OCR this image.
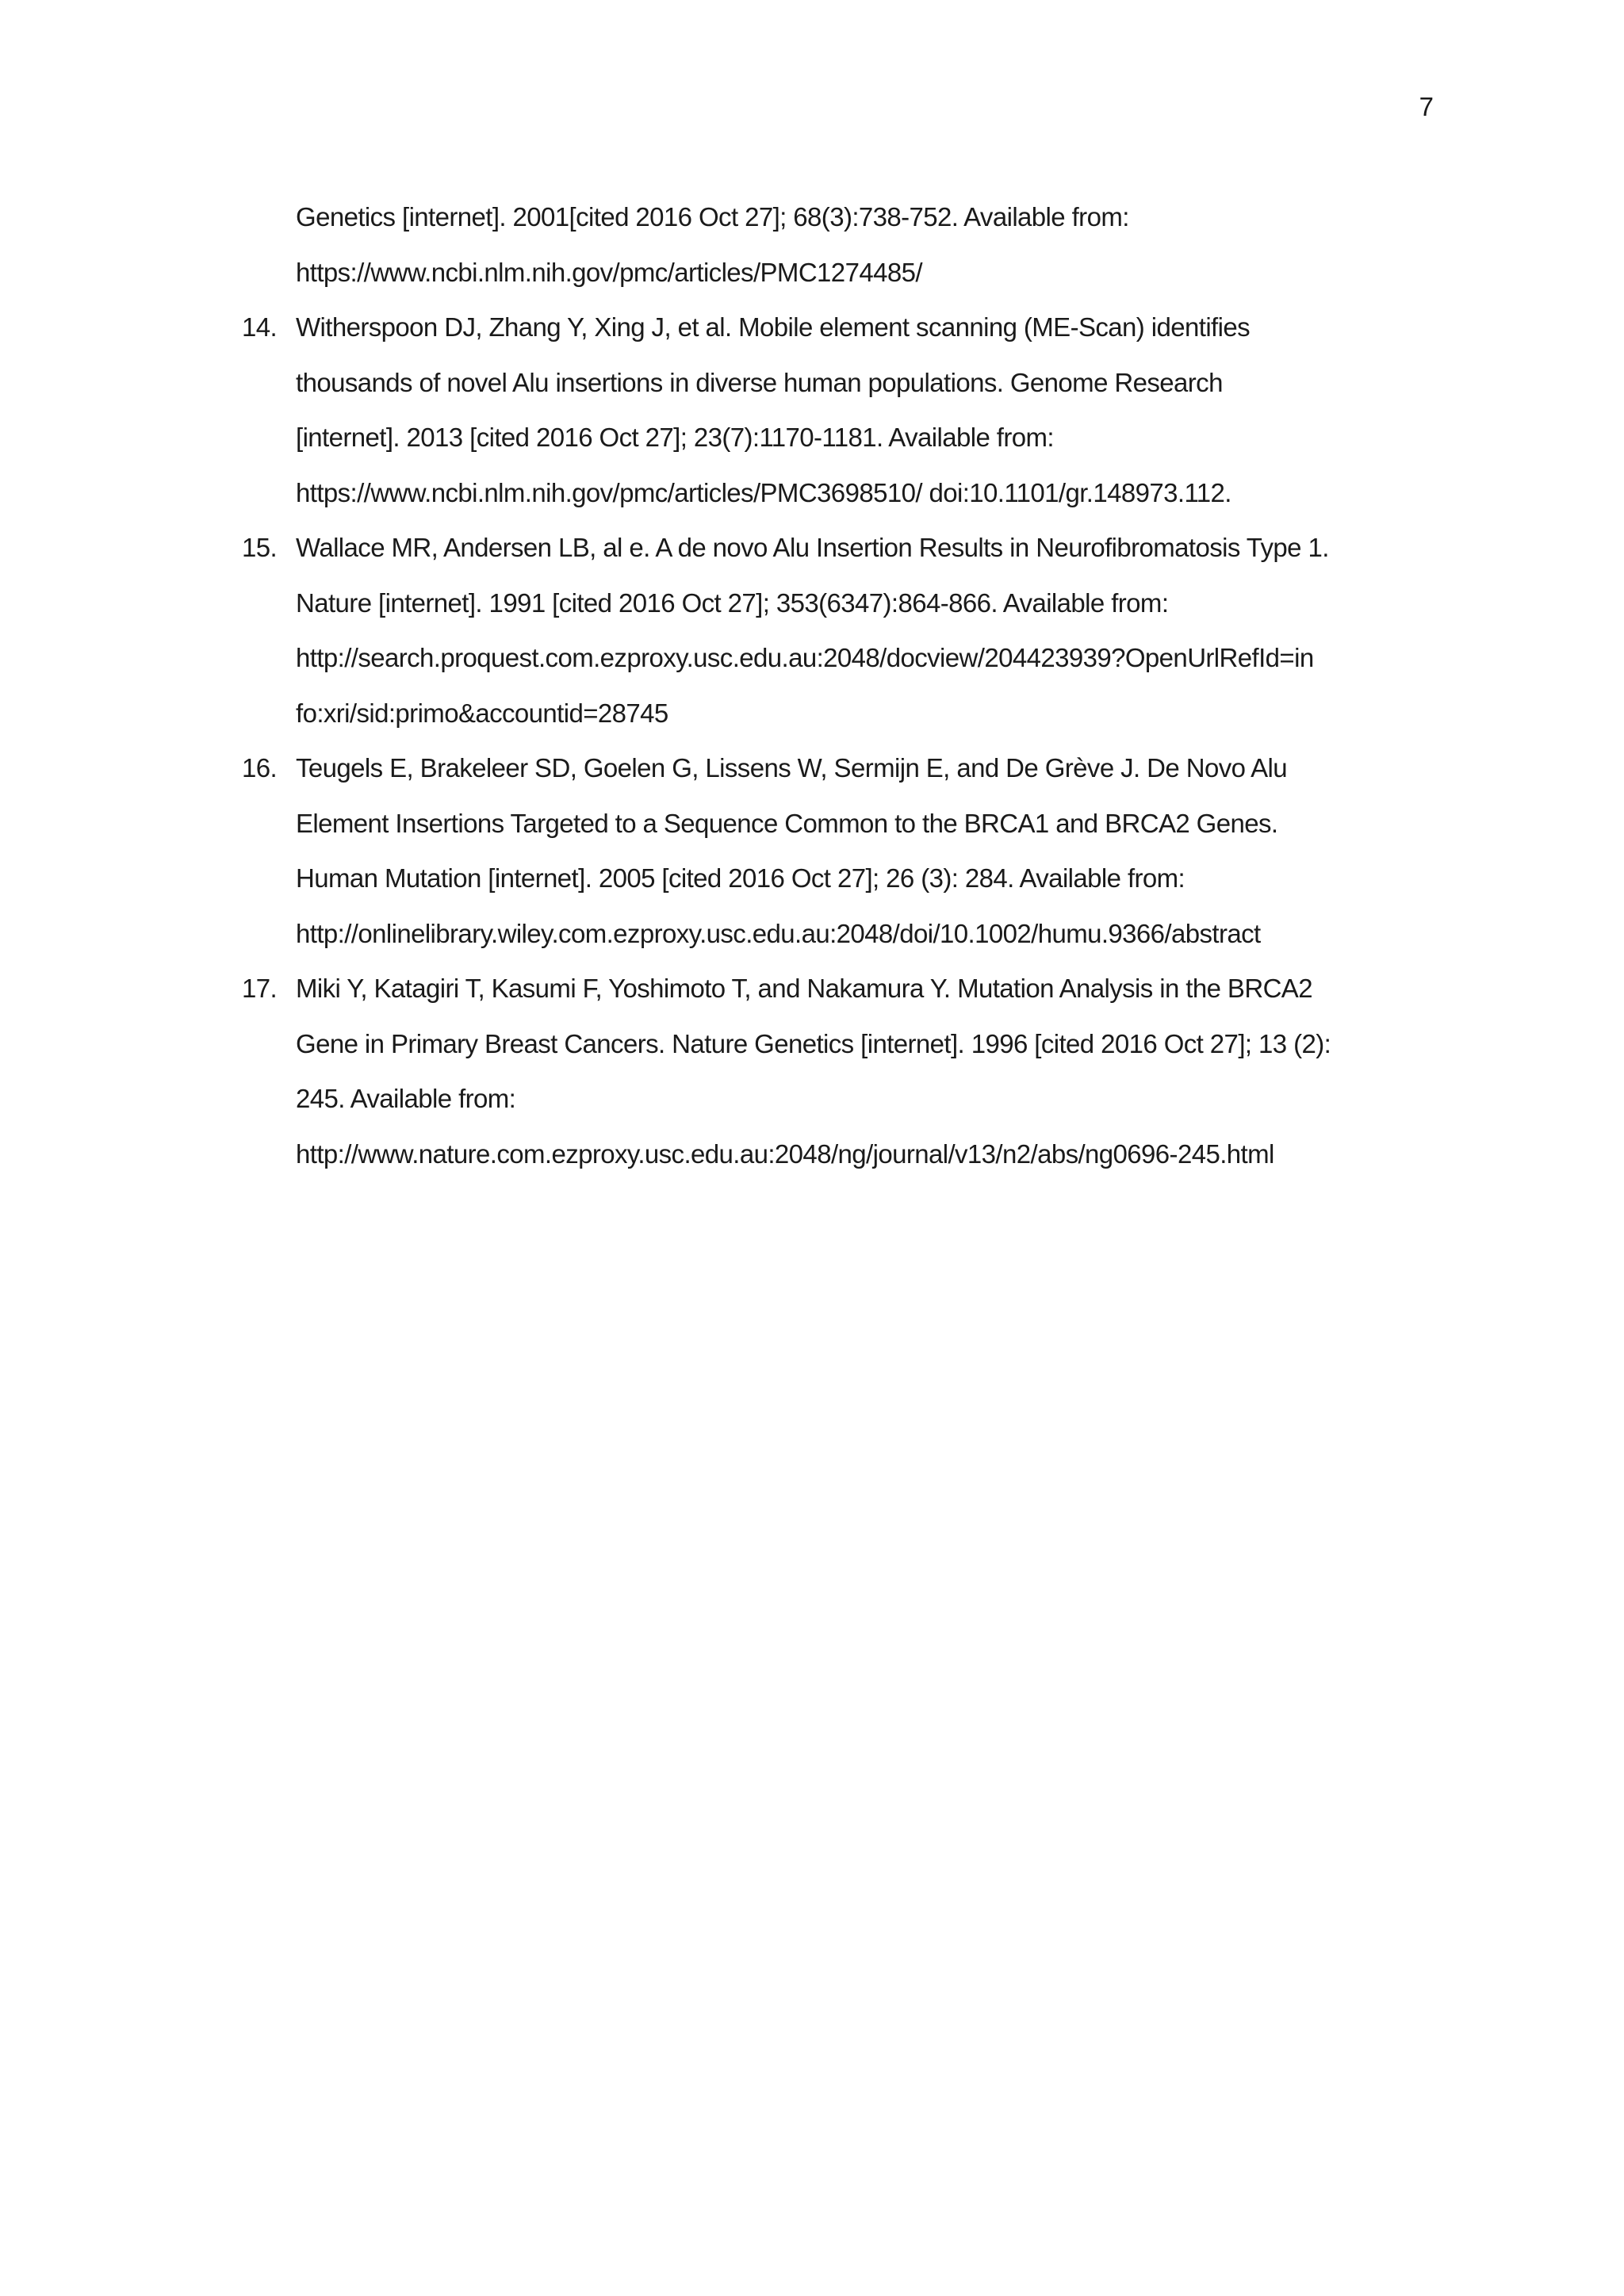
7
Genetics [internet]. 2001[cited 2016 Oct 27]; 68(3):738-752. Available from:
https://www.ncbi.nlm.nih.gov/pmc/articles/PMC1274485/
14. Witherspoon DJ, Zhang Y, Xing J, et al. Mobile element scanning (ME-Scan) identifies
thousands of novel Alu insertions in diverse human populations. Genome Research
[internet]. 2013 [cited 2016 Oct 27]; 23(7):1170-1181. Available from:
https://www.ncbi.nlm.nih.gov/pmc/articles/PMC3698510/ doi:10.1101/gr.148973.112.
15. Wallace MR, Andersen LB, al e. A de novo Alu Insertion Results in Neurofibromatosis Type 1.
Nature [internet]. 1991 [cited 2016 Oct 27]; 353(6347):864-866. Available from:
http://search.proquest.com.ezproxy.usc.edu.au:2048/docview/204423939?OpenUrlRefId=in
fo:xri/sid:primo&accountid=28745
16. Teugels E, Brakeleer SD, Goelen G, Lissens W, Sermijn E, and De Grève J. De Novo Alu
Element Insertions Targeted to a Sequence Common to the BRCA1 and BRCA2 Genes.
Human Mutation [internet]. 2005 [cited 2016 Oct 27]; 26 (3): 284. Available from:
http://onlinelibrary.wiley.com.ezproxy.usc.edu.au:2048/doi/10.1002/humu.9366/abstract
17. Miki Y, Katagiri T, Kasumi F, Yoshimoto T, and Nakamura Y. Mutation Analysis in the BRCA2
Gene in Primary Breast Cancers. Nature Genetics [internet]. 1996 [cited 2016 Oct 27]; 13 (2):
245. Available from:
http://www.nature.com.ezproxy.usc.edu.au:2048/ng/journal/v13/n2/abs/ng0696-245.html
